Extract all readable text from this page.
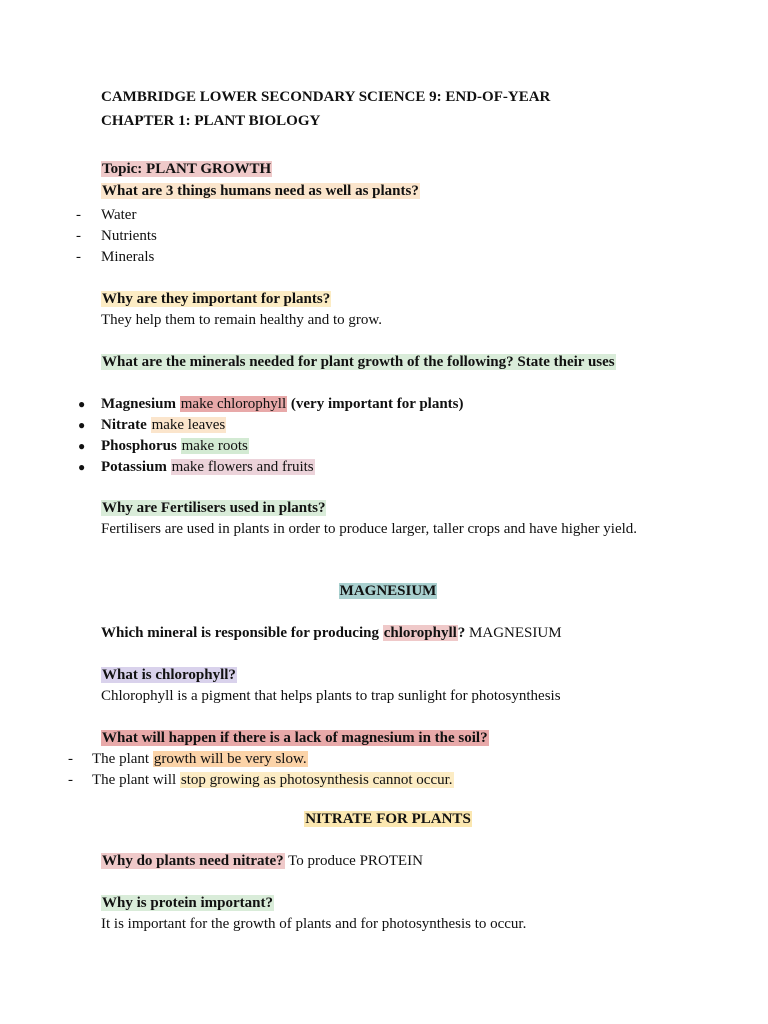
CAMBRIDGE LOWER SECONDARY SCIENCE 9: END-OF-YEAR
CHAPTER 1: PLANT BIOLOGY
Topic: PLANT GROWTH
What are 3 things humans need as well as plants?
-	Water
-	Nutrients
-	Minerals
Why are they important for plants?
They help them to remain healthy and to grow.
What are the minerals needed for plant growth of the following? State their uses
● Magnesium make chlorophyll (very important for plants)
● Nitrate make leaves
● Phosphorus make roots
● Potassium make flowers and fruits
Why are Fertilisers used in plants?
Fertilisers are used in plants in order to produce larger, taller crops and have higher yield.
MAGNESIUM
Which mineral is responsible for producing chlorophyll? MAGNESIUM
What is chlorophyll?
Chlorophyll is a pigment that helps plants to trap sunlight for photosynthesis
What will happen if there is a lack of magnesium in the soil?
-	The plant growth will be very slow.
-	The plant will stop growing as photosynthesis cannot occur.
NITRATE FOR PLANTS
Why do plants need nitrate? To produce PROTEIN
Why is protein important?
It is important for the growth of plants and for photosynthesis to occur.
